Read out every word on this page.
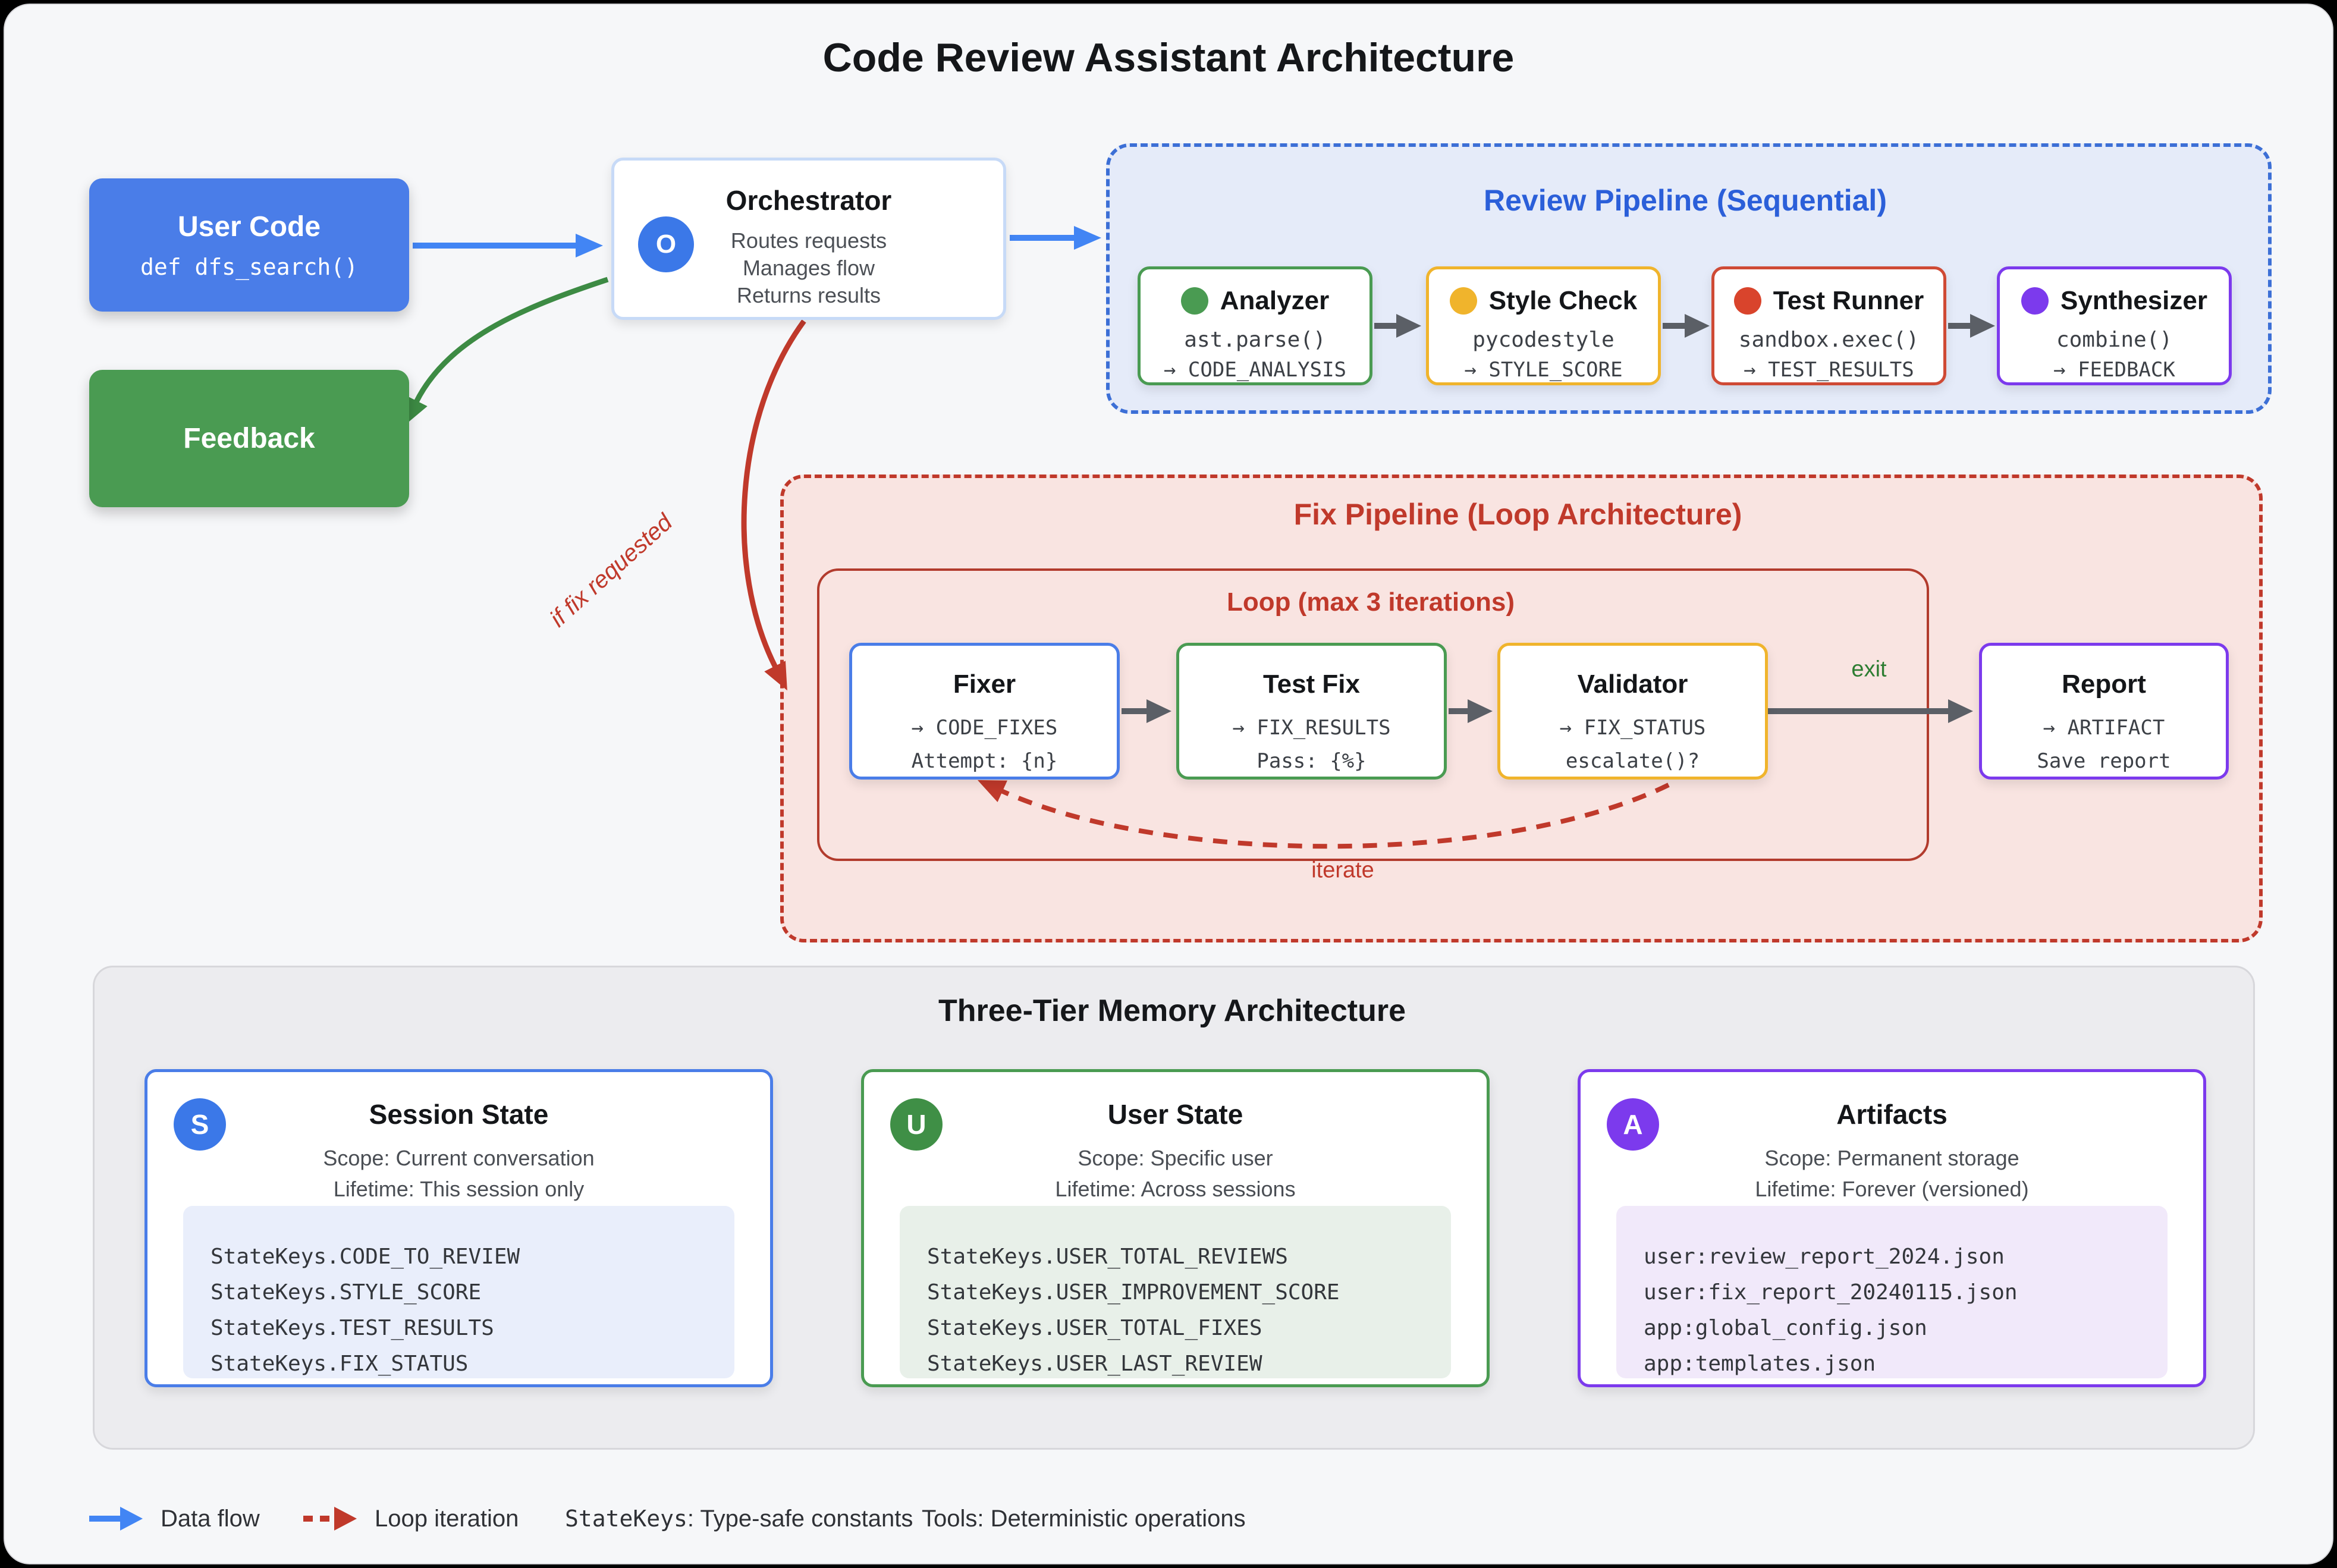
Code Review Assistant Architecture
Review Pipeline (Sequential)
Fix Pipeline (Loop Architecture)
Loop (max 3 iterations)
Three-Tier Memory Architecture
if fix requested
exit
iterate
User Code
def dfs_search()
Feedback
O
Orchestrator
Routes requests
Manages flow
Returns results	Analyzer
ast.parse()
→ CODE_ANALYSIS
Style Check
pycodestyle
→ STYLE_SCORE
Test Runner
sandbox.exec()
→ TEST_RESULTS
Synthesizer
combine()
→ FEEDBACK
Fixer
→ CODE_FIXES
Attempt: {n}
Test Fix
→ FIX_RESULTS
Pass: {%}
Validator
→ FIX_STATUS
escalate()?
Report
→ ARTIFACT
Save report
S	Session State
Scope: Current conversation
Lifetime: This session only
StateKeys.CODE_TO_REVIEW
StateKeys.STYLE_SCORE
StateKeys.TEST_RESULTS
StateKeys.FIX_STATUS
U	User State
Scope: Specific user
Lifetime: Across sessions
StateKeys.USER_TOTAL_REVIEWS
StateKeys.USER_IMPROVEMENT_SCORE
StateKeys.USER_TOTAL_FIXES
StateKeys.USER_LAST_REVIEW
A	Artifacts
Scope: Permanent storage
Lifetime: Forever (versioned)
user:review_report_2024.json
user:fix_report_20240115.json
app:global_config.json
app:templates.json
Data flow	Loop iteration StateKeys: Type-safe constants Tools: Deterministic operations
